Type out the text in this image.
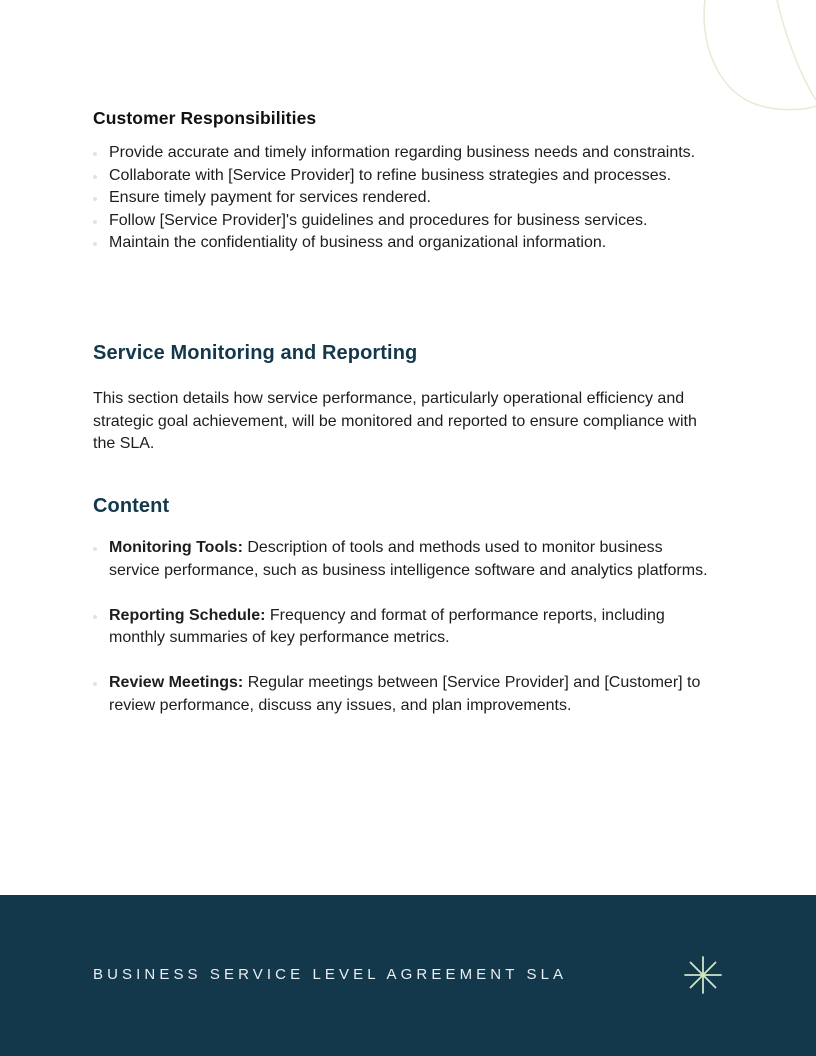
Customer Responsibilities
Provide accurate and timely information regarding business needs and constraints.
Collaborate with [Service Provider] to refine business strategies and processes.
Ensure timely payment for services rendered.
Follow [Service Provider]'s guidelines and procedures for business services.
Maintain the confidentiality of business and organizational information.
Service Monitoring and Reporting

This section details how service performance, particularly operational efficiency and strategic goal achievement, will be monitored and reported to ensure compliance with the SLA.

Content
Monitoring Tools: Description of tools and methods used to monitor business service performance, such as business intelligence software and analytics platforms.
Reporting Schedule: Frequency and format of performance reports, including monthly summaries of key performance metrics.
Review Meetings: Regular meetings between [Service Provider] and [Customer] to review performance, discuss any issues, and plan improvements.
BUSINESS SERVICE LEVEL AGREEMENT SLA
